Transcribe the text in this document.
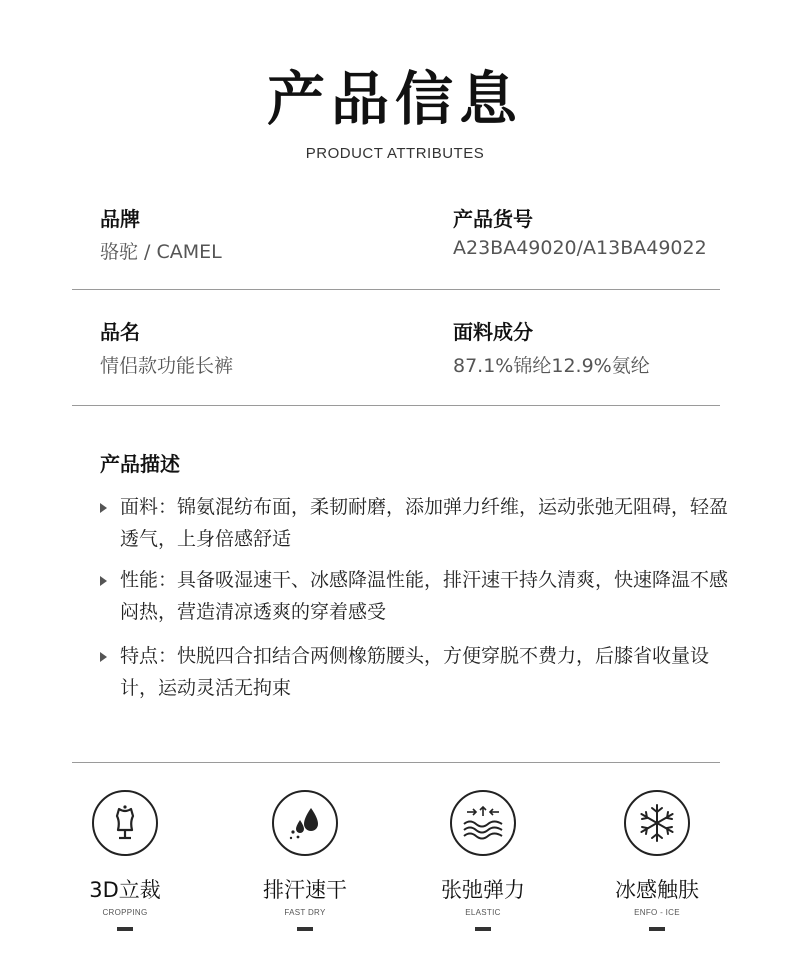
产品信息
PRODUCT ATTRIBUTES
品牌
骆驼 / CAMEL
产品货号
A23BA49020/A13BA49022
品名
情侣款功能长裤
面料成分
87.1%锦纶12.9%氨纶
产品描述
面料：锦氨混纺布面，柔韧耐磨，添加弹力纤维，运动张弛无阻碍，轻盈透气，上身倍感舒适
性能：具备吸湿速干、冰感降温性能，排汗速干持久清爽，快速降温不感闷热，营造清凉透爽的穿着感受
特点：快脱四合扣结合两侧橡筋腰头，方便穿脱不费力，后膝省收量设计，运动灵活无拘束
3D立裁
CROPPING
排汗速干
FAST DRY
张弛弹力
ELASTIC
冰感触肤
ENFO - ICE
